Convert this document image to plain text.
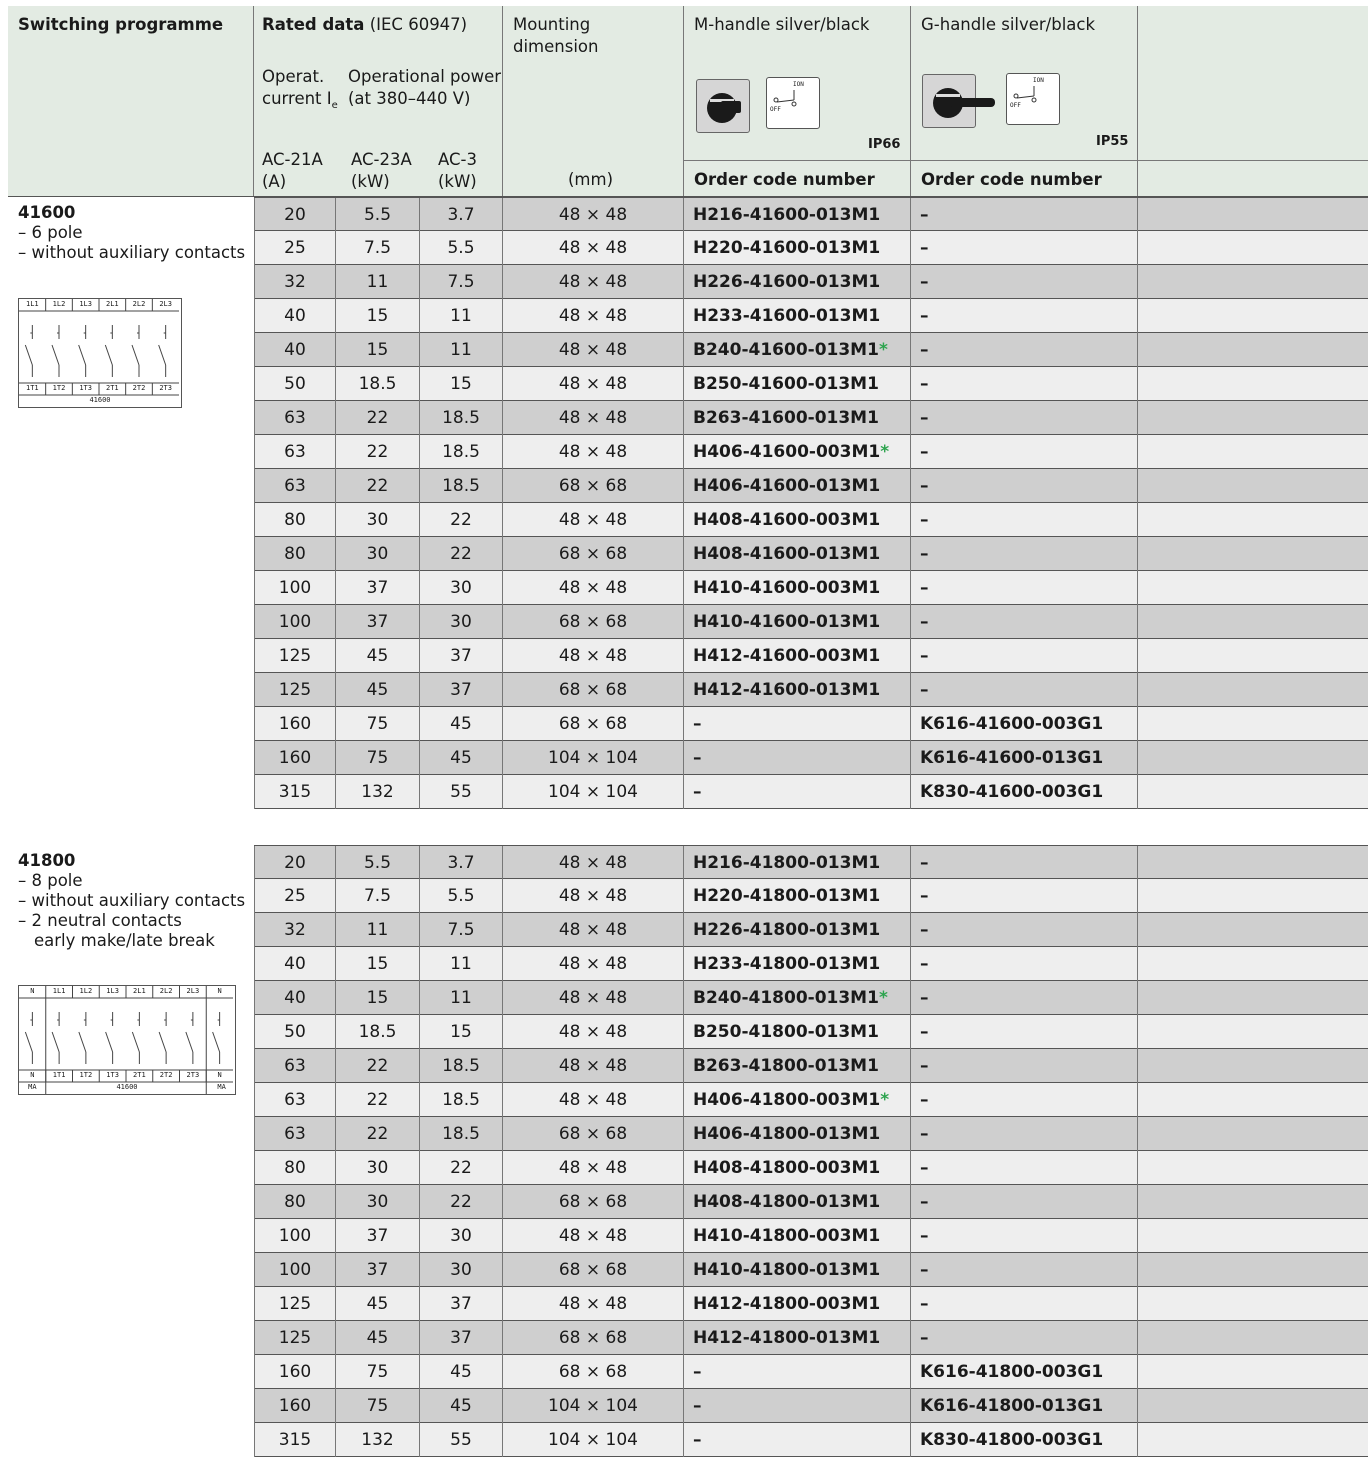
Switching programme Rated data (IEC 60947)
Operat.
current $I_e$
Operational power
(at 380–440 V)
AC-21A
(A)
AC-23A
(kW)
AC-3
(kW)
Mounting
dimension
(mm)
M-handle silver/black
ION
OFF
IP66
G-handle silver/black
ION
OFF
IP55
Order code number	Order code number
41600
– 6 pole
– without auxiliary contacts
1L1	1L2	1L3	2L1	2L2	2L3
1T1	1T2	1T3	2T1	2T2	2T3
41600
20	5.5	3.7	48 × 48	H216-41600-013M1	–
25	7.5	5.5	48 × 48	H220-41600-013M1	–
32	11	7.5	48 × 48	H226-41600-013M1	–
40	15	11	48 × 48	H233-41600-013M1	–
40	15	11	48 × 48	B240-41600-013M1*	–
50	18.5	15	48 × 48	B250-41600-013M1	–
63	22	18.5	48 × 48	B263-41600-013M1	–
63	22	18.5	48 × 48	H406-41600-003M1*	–
63	22	18.5	68 × 68	H406-41600-013M1	–
80	30	22	48 × 48	H408-41600-003M1	–
80	30	22	68 × 68	H408-41600-013M1	–
100	37	30	48 × 48	H410-41600-003M1	–
100	37	30	68 × 68	H410-41600-013M1	–
125	45	37	48 × 48	H412-41600-003M1	–
125	45	37	68 × 68	H412-41600-013M1	–
160	75	45	68 × 68	–	K616-41600-003G1
160	75	45	104 × 104	–	K616-41600-013G1
315	132	55	104 × 104	–	K830-41600-003G1
41800
– 8 pole
– without auxiliary contacts
– 2 neutral contacts
early make/late break
N	1L1	1L2	1L3	2L1	2L2	2L3	N
N	1T1	1T2	1T3	2T1	2T2	2T3	N
41600
MA	MA
20	5.5	3.7	48 × 48	H216-41800-013M1	–
25	7.5	5.5	48 × 48	H220-41800-013M1	–
32	11	7.5	48 × 48	H226-41800-013M1	–
40	15	11	48 × 48	H233-41800-013M1	–
40	15	11	48 × 48	B240-41800-013M1*	–
50	18.5	15	48 × 48	B250-41800-013M1	–
63	22	18.5	48 × 48	B263-41800-013M1	–
63	22	18.5	48 × 48	H406-41800-003M1*	–
63	22	18.5	68 × 68	H406-41800-013M1	–
80	30	22	48 × 48	H408-41800-003M1	–
80	30	22	68 × 68	H408-41800-013M1	–
100	37	30	48 × 48	H410-41800-003M1	–
100	37	30	68 × 68	H410-41800-013M1	–
125	45	37	48 × 48	H412-41800-003M1	–
125	45	37	68 × 68	H412-41800-013M1	–
160	75	45	68 × 68	–	K616-41800-003G1
160	75	45	104 × 104	–	K616-41800-013G1
315	132	55	104 × 104	–	K830-41800-003G1
